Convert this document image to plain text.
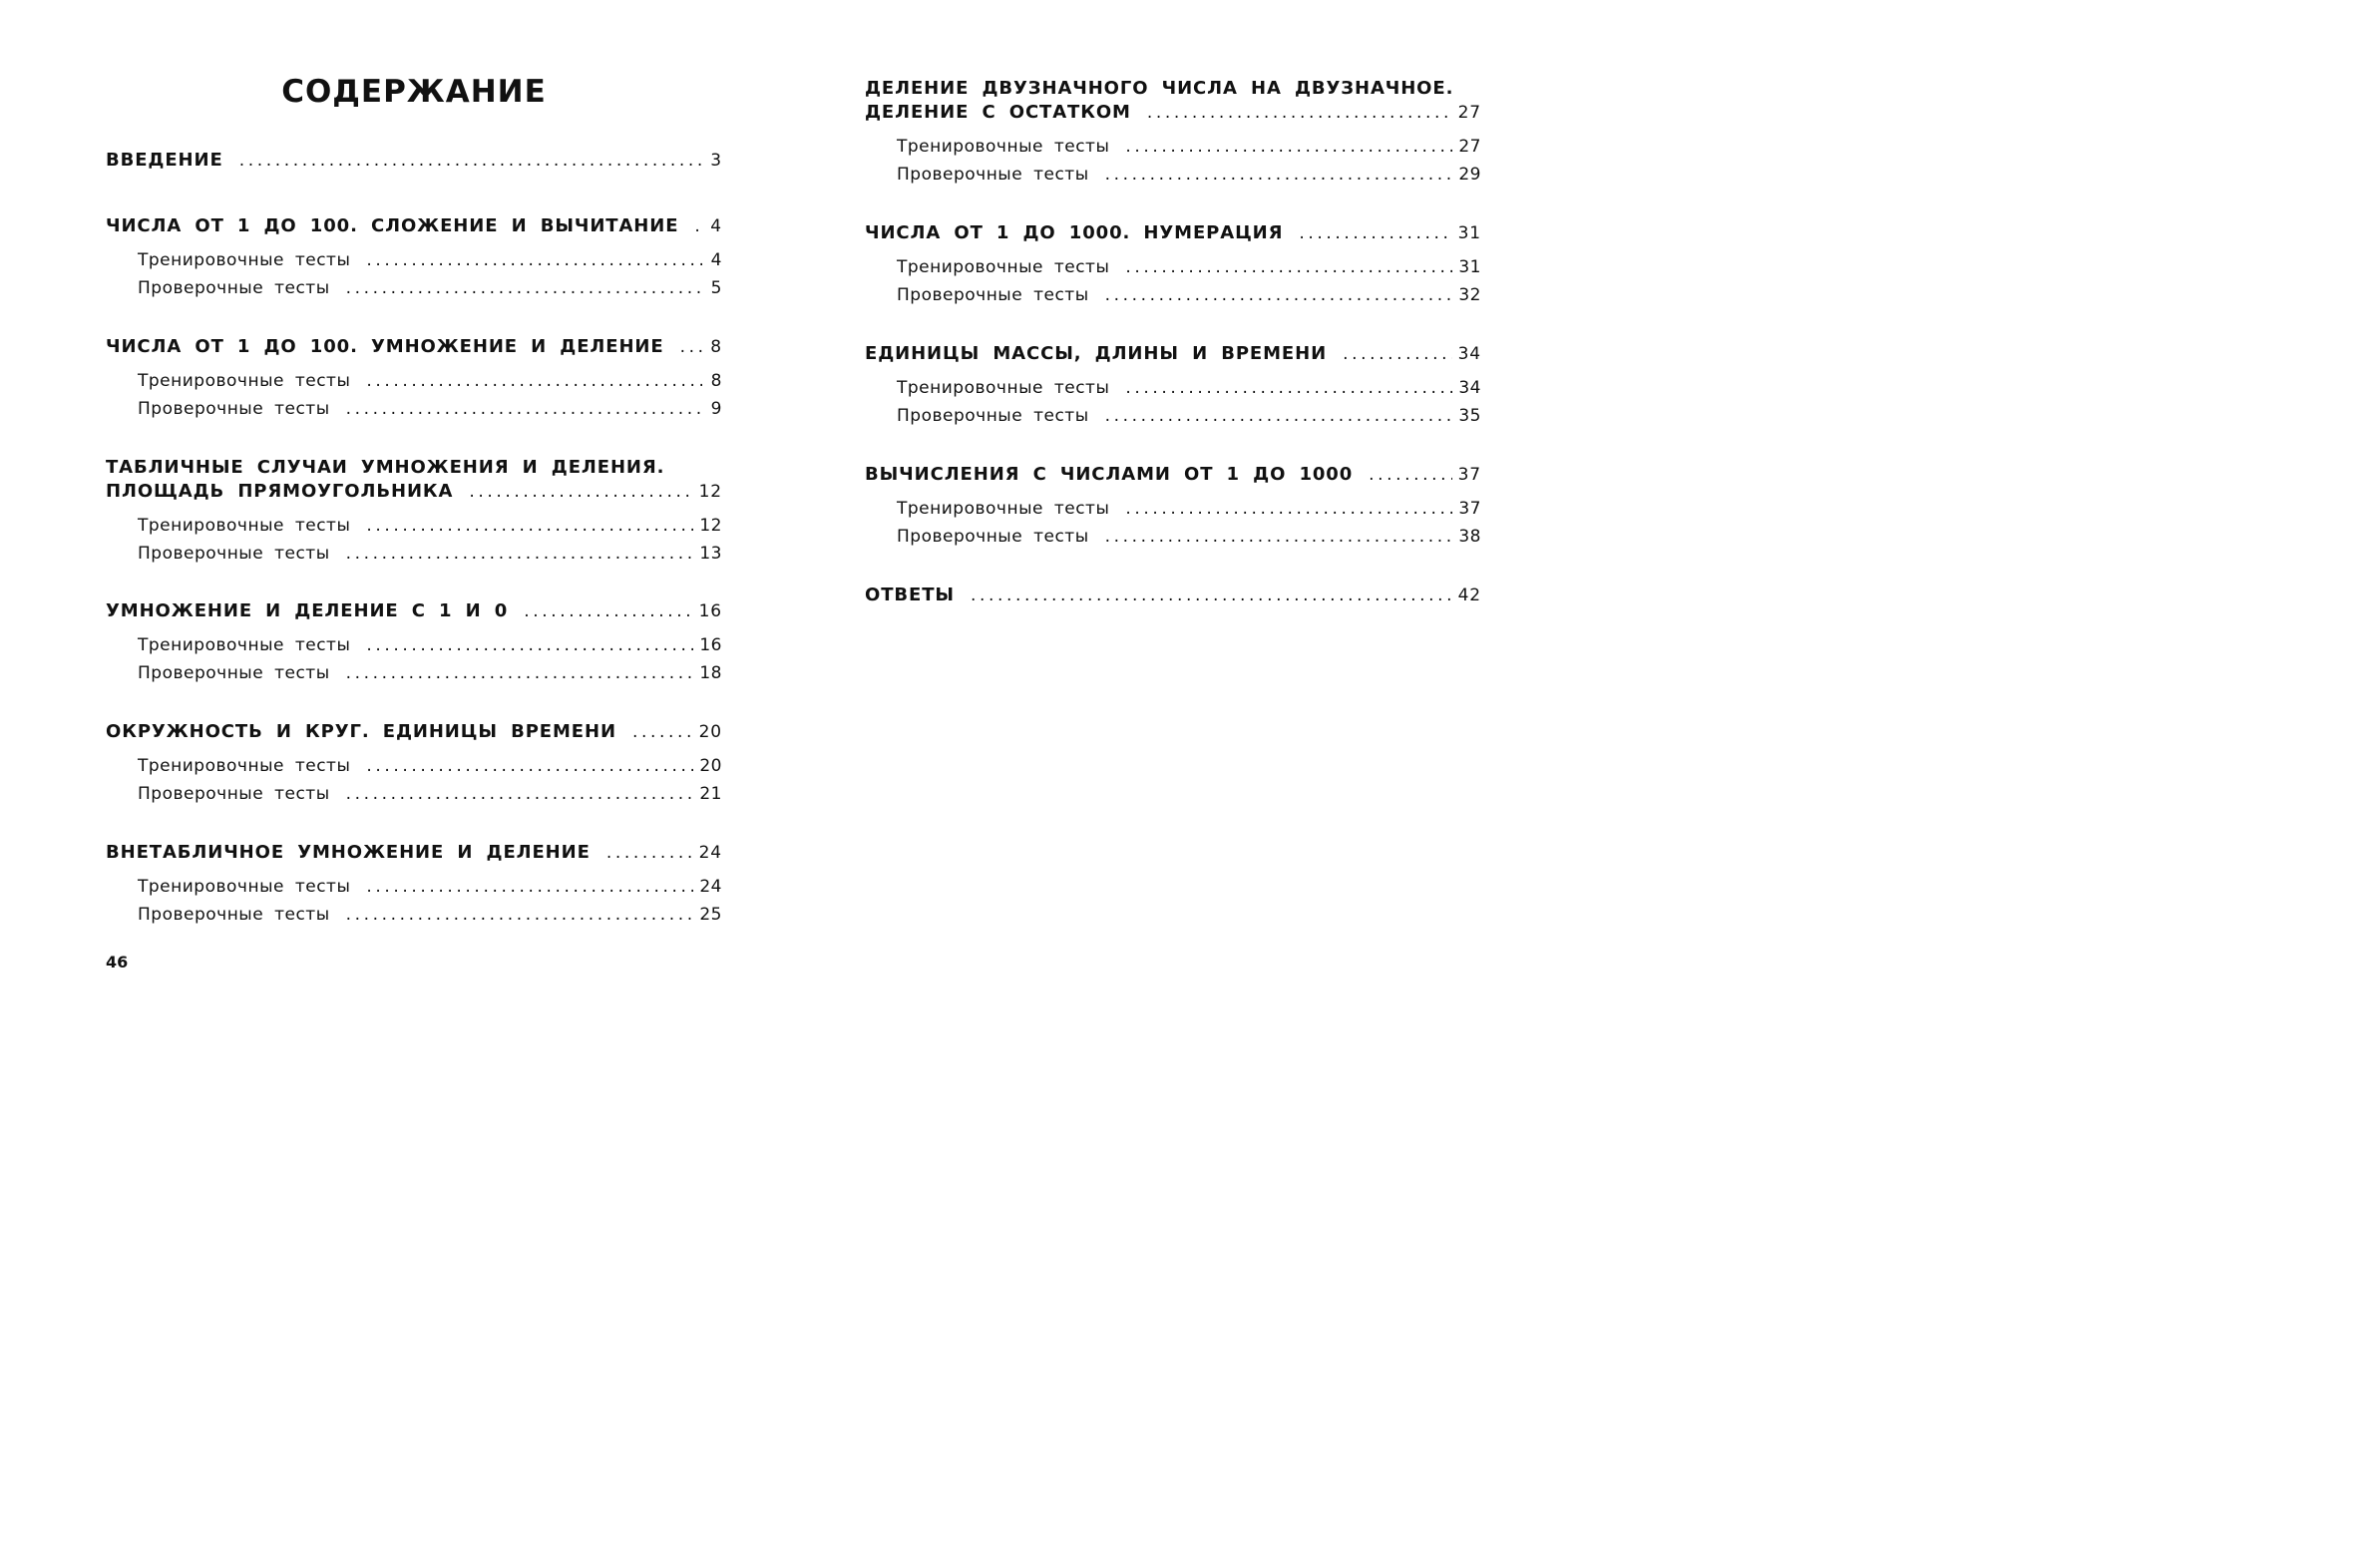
СОДЕРЖАНИЕ
ВВЕДЕНИЕ .....	3
ЧИСЛА ОТ 1 ДО 100. СЛОЖЕНИЕ И ВЫЧИТАНИЕ ..... 4
Тренировочные тесты .....	4
Проверочные тесты .....	5
ЧИСЛА ОТ 1 ДО 100. УМНОЖЕНИЕ И ДЕЛЕНИЕ .....	8
Тренировочные тесты .....	8
Проверочные тесты .....	9
ТАБЛИЧНЫЕ СЛУЧАИ УМНОЖЕНИЯ И ДЕЛЕНИЯ.
ПЛОЩАДЬ ПРЯМОУГОЛЬНИКА .....	12
Тренировочные тесты .....	12
Проверочные тесты .....	13
УМНОЖЕНИЕ И ДЕЛЕНИЕ С 1 И 0 .....	16
Тренировочные тесты .....	16
Проверочные тесты .....	18
ОКРУЖНОСТЬ И КРУГ. ЕДИНИЦЫ ВРЕМЕНИ .....	20
Тренировочные тесты .....	20
Проверочные тесты .....	21
ВНЕТАБЛИЧНОЕ УМНОЖЕНИЕ И ДЕЛЕНИЕ .....	24
Тренировочные тесты .....	24
Проверочные тесты .....	25
ДЕЛЕНИЕ ДВУЗНАЧНОГО ЧИСЛА НА ДВУЗНАЧНОЕ.
ДЕЛЕНИЕ С ОСТАТКОМ .....	27
Тренировочные тесты .....	27
Проверочные тесты .....	29
ЧИСЛА ОТ 1 ДО 1000. НУМЕРАЦИЯ .....	31
Тренировочные тесты .....	31
Проверочные тесты .....	32
ЕДИНИЦЫ МАССЫ, ДЛИНЫ И ВРЕМЕНИ .....	34
Тренировочные тесты .....	34
Проверочные тесты .....	35
ВЫЧИСЛЕНИЯ С ЧИСЛАМИ ОТ 1 ДО 1000 .....	37
Тренировочные тесты .....	37
Проверочные тесты .....	38
ОТВЕТЫ .....	42

46
